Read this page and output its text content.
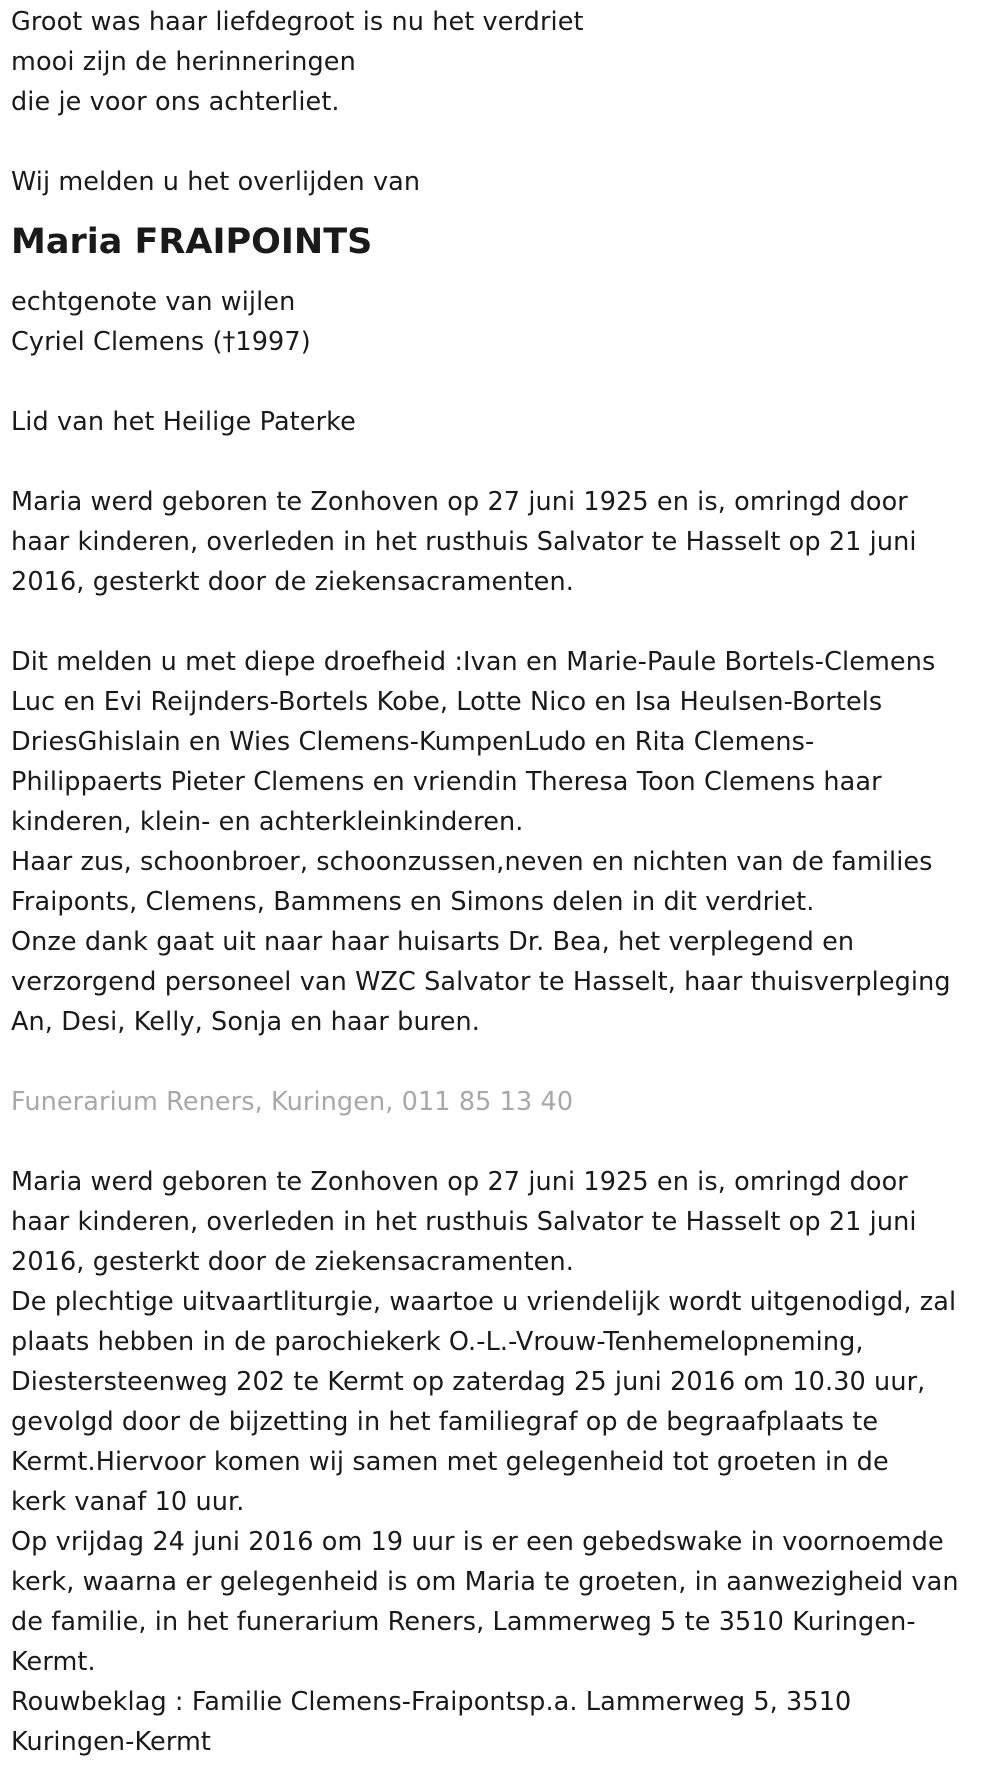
Groot was haar liefdegroot is nu het verdriet
mooi zijn de herinneringen
die je voor ons achterliet.
Wij melden u het overlijden van
Maria FRAIPOINTS
echtgenote van wijlen
Cyriel Clemens (†1997)
Lid van het Heilige Paterke
Maria werd geboren te Zonhoven op 27 juni 1925 en is, omringd door
haar kinderen, overleden in het rusthuis Salvator te Hasselt op 21 juni
2016, gesterkt door de ziekensacramenten.
Dit melden u met diepe droefheid :Ivan en Marie-Paule Bortels-Clemens
Luc en Evi Reijnders-Bortels Kobe, Lotte Nico en Isa Heulsen-Bortels
DriesGhislain en Wies Clemens-KumpenLudo en Rita Clemens-
Philippaerts Pieter Clemens en vriendin Theresa Toon Clemens haar
kinderen, klein- en achterkleinkinderen.
Haar zus, schoonbroer, schoonzussen,neven en nichten van de families
Fraiponts, Clemens, Bammens en Simons delen in dit verdriet.
Onze dank gaat uit naar haar huisarts Dr. Bea, het verplegend en
verzorgend personeel van WZC Salvator te Hasselt, haar thuisverpleging
An, Desi, Kelly, Sonja en haar buren.
Funerarium Reners, Kuringen, 011 85 13 40
Maria werd geboren te Zonhoven op 27 juni 1925 en is, omringd door
haar kinderen, overleden in het rusthuis Salvator te Hasselt op 21 juni
2016, gesterkt door de ziekensacramenten.
De plechtige uitvaartliturgie, waartoe u vriendelijk wordt uitgenodigd, zal
plaats hebben in de parochiekerk O.-L.-Vrouw-Tenhemelopneming,
Diestersteenweg 202 te Kermt op zaterdag 25 juni 2016 om 10.30 uur,
gevolgd door de bijzetting in het familiegraf op de begraafplaats te
Kermt.Hiervoor komen wij samen met gelegenheid tot groeten in de
kerk vanaf 10 uur.
Op vrijdag 24 juni 2016 om 19 uur is er een gebedswake in voornoemde
kerk, waarna er gelegenheid is om Maria te groeten, in aanwezigheid van
de familie, in het funerarium Reners, Lammerweg 5 te 3510 Kuringen-
Kermt.
Rouwbeklag : Familie Clemens-Fraipontsp.a. Lammerweg 5, 3510
Kuringen-Kermt
